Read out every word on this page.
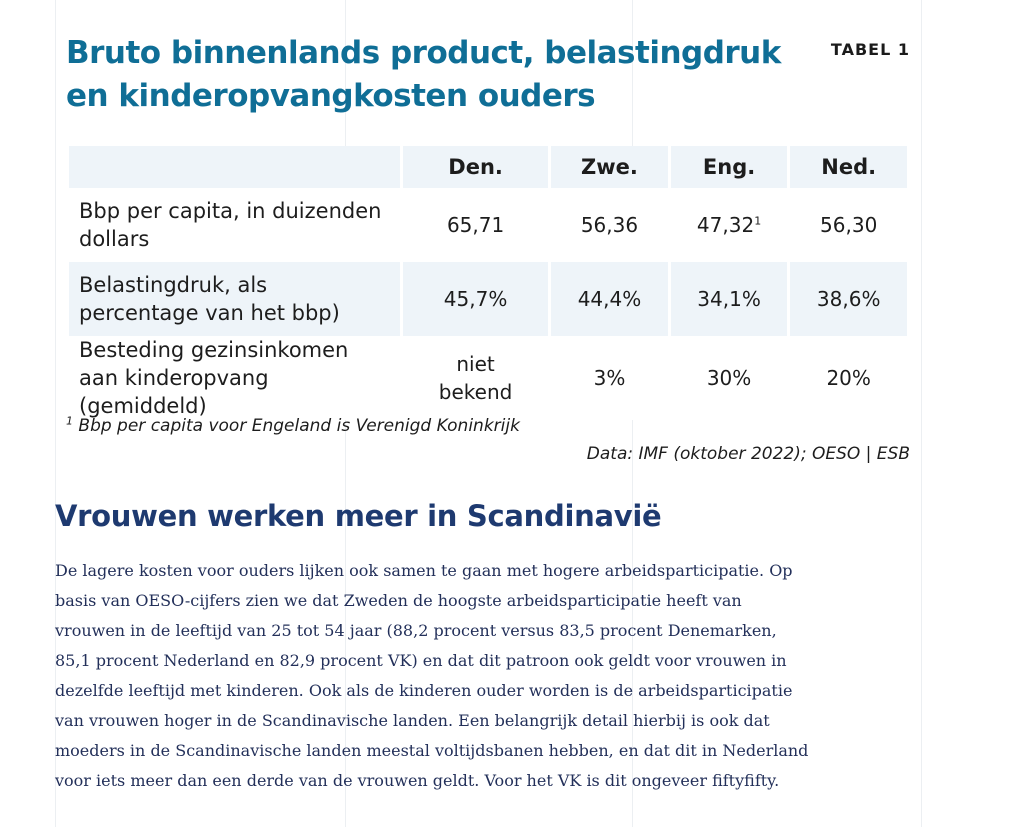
Bruto binnenlands product, belastingdruk en kinderopvangkosten ouders
TABEL 1
	Den.	Zwe.	Eng.	Ned.
Bbp per capita, in duizenden dollars	65,71	56,36	47,32$^1$	56,30
Belastingdruk, als percentage van het bbp)	45,7%	44,4%	34,1%	38,6%
Besteding gezinsinkomen aan kinderopvang (gemiddeld)	niet bekend	3%	30%	20%
$^1$ Bbp per capita voor Engeland is Verenigd Koninkrijk
Data: IMF (oktober 2022); OESO | ESB
Vrouwen werken meer in Scandinavië

De lagere kosten voor ouders lijken ook samen te gaan met hogere arbeidsparticipatie. Op basis van OESO-cijfers zien we dat Zweden de hoogste arbeidsparticipatie heeft van vrouwen in de leeftijd van 25 tot 54 jaar (88,2 procent versus 83,5 procent Denemarken, 85,1 procent Nederland en 82,9 procent VK) en dat dit patroon ook geldt voor vrouwen in dezelfde leeftijd met kinderen. Ook als de kinderen ouder worden is de arbeidsparticipatie van vrouwen hoger in de Scandinavische landen. Een belangrijk detail hierbij is ook dat moeders in de Scandinavische landen meestal voltijdsbanen hebben, en dat dit in Nederland voor iets meer dan een derde van de vrouwen geldt. Voor het VK is dit ongeveer fiftyfifty.
